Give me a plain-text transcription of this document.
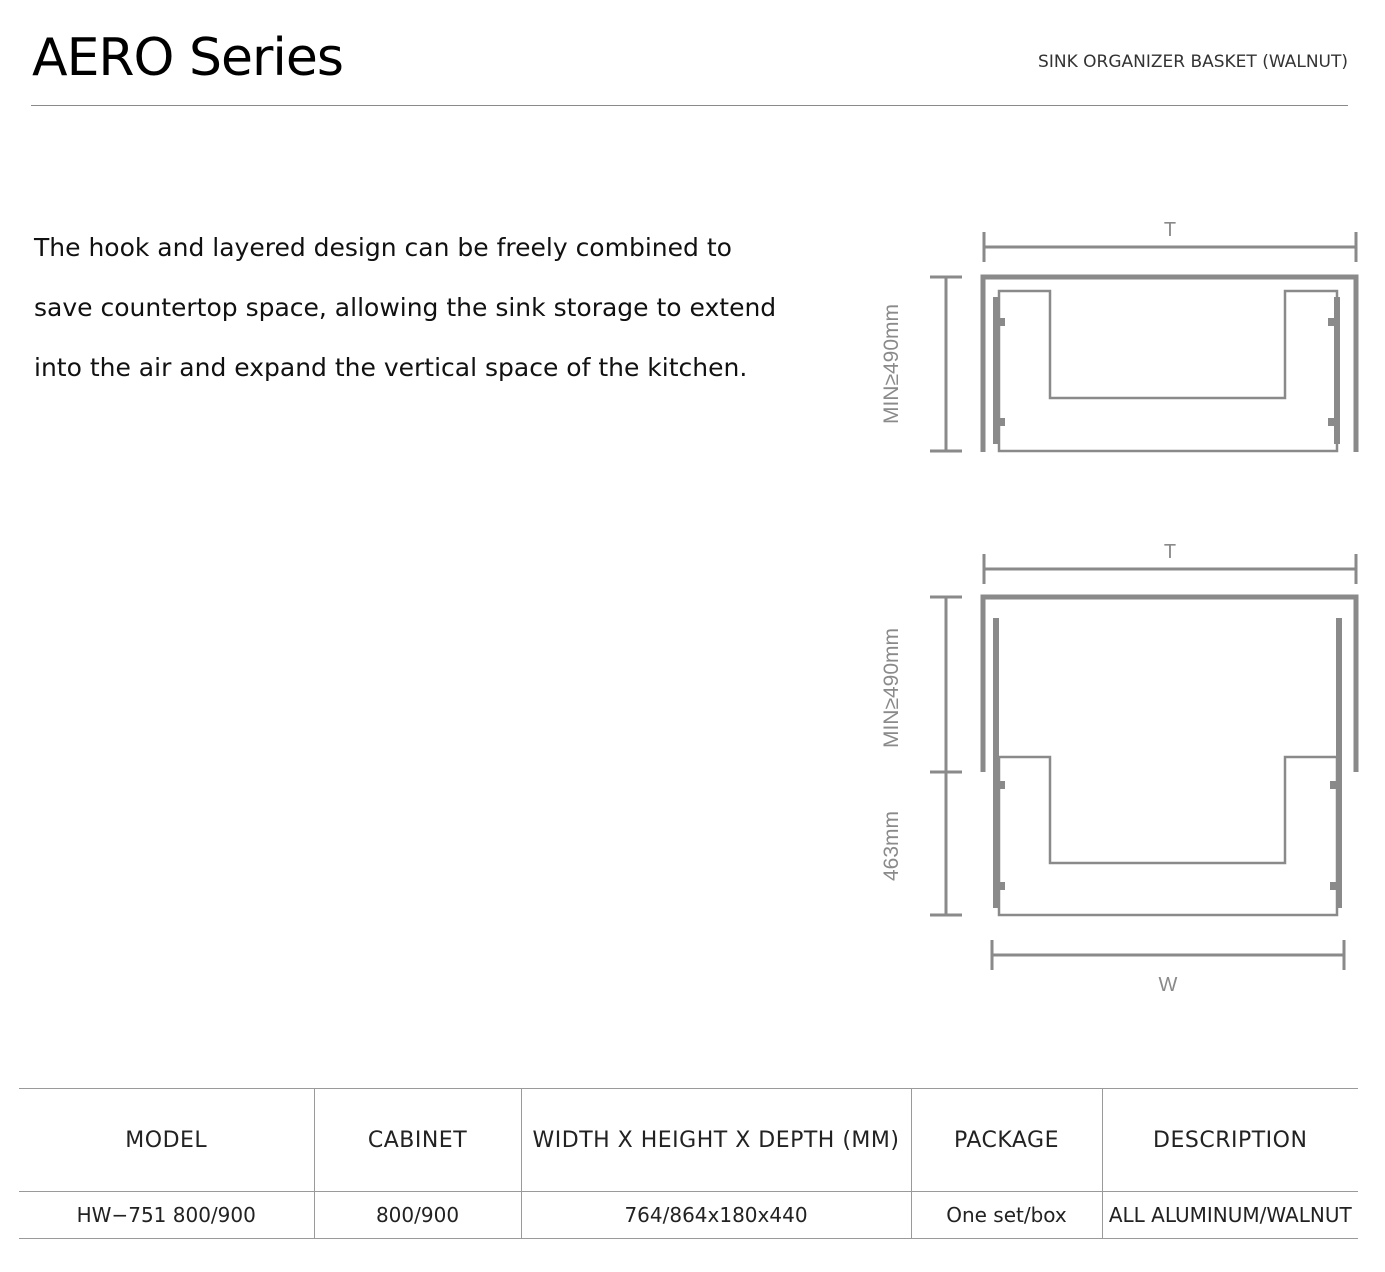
AERO Series	SINK ORGANIZER BASKET (WALNUT)

The hook and layered design can be freely combined to

save countertop space, allowing the sink storage to extend

into the air and expand the vertical space of the kitchen.

T
MIN≥490mm
T
MIN≥490mm
463mm
W
MODEL	CABINET	WIDTH X HEIGHT X DEPTH (MM)	PACKAGE	DESCRIPTION
HW−751 800/900	800/900	764/864x180x440	One set/box	ALL ALUMINUM/WALNUT
